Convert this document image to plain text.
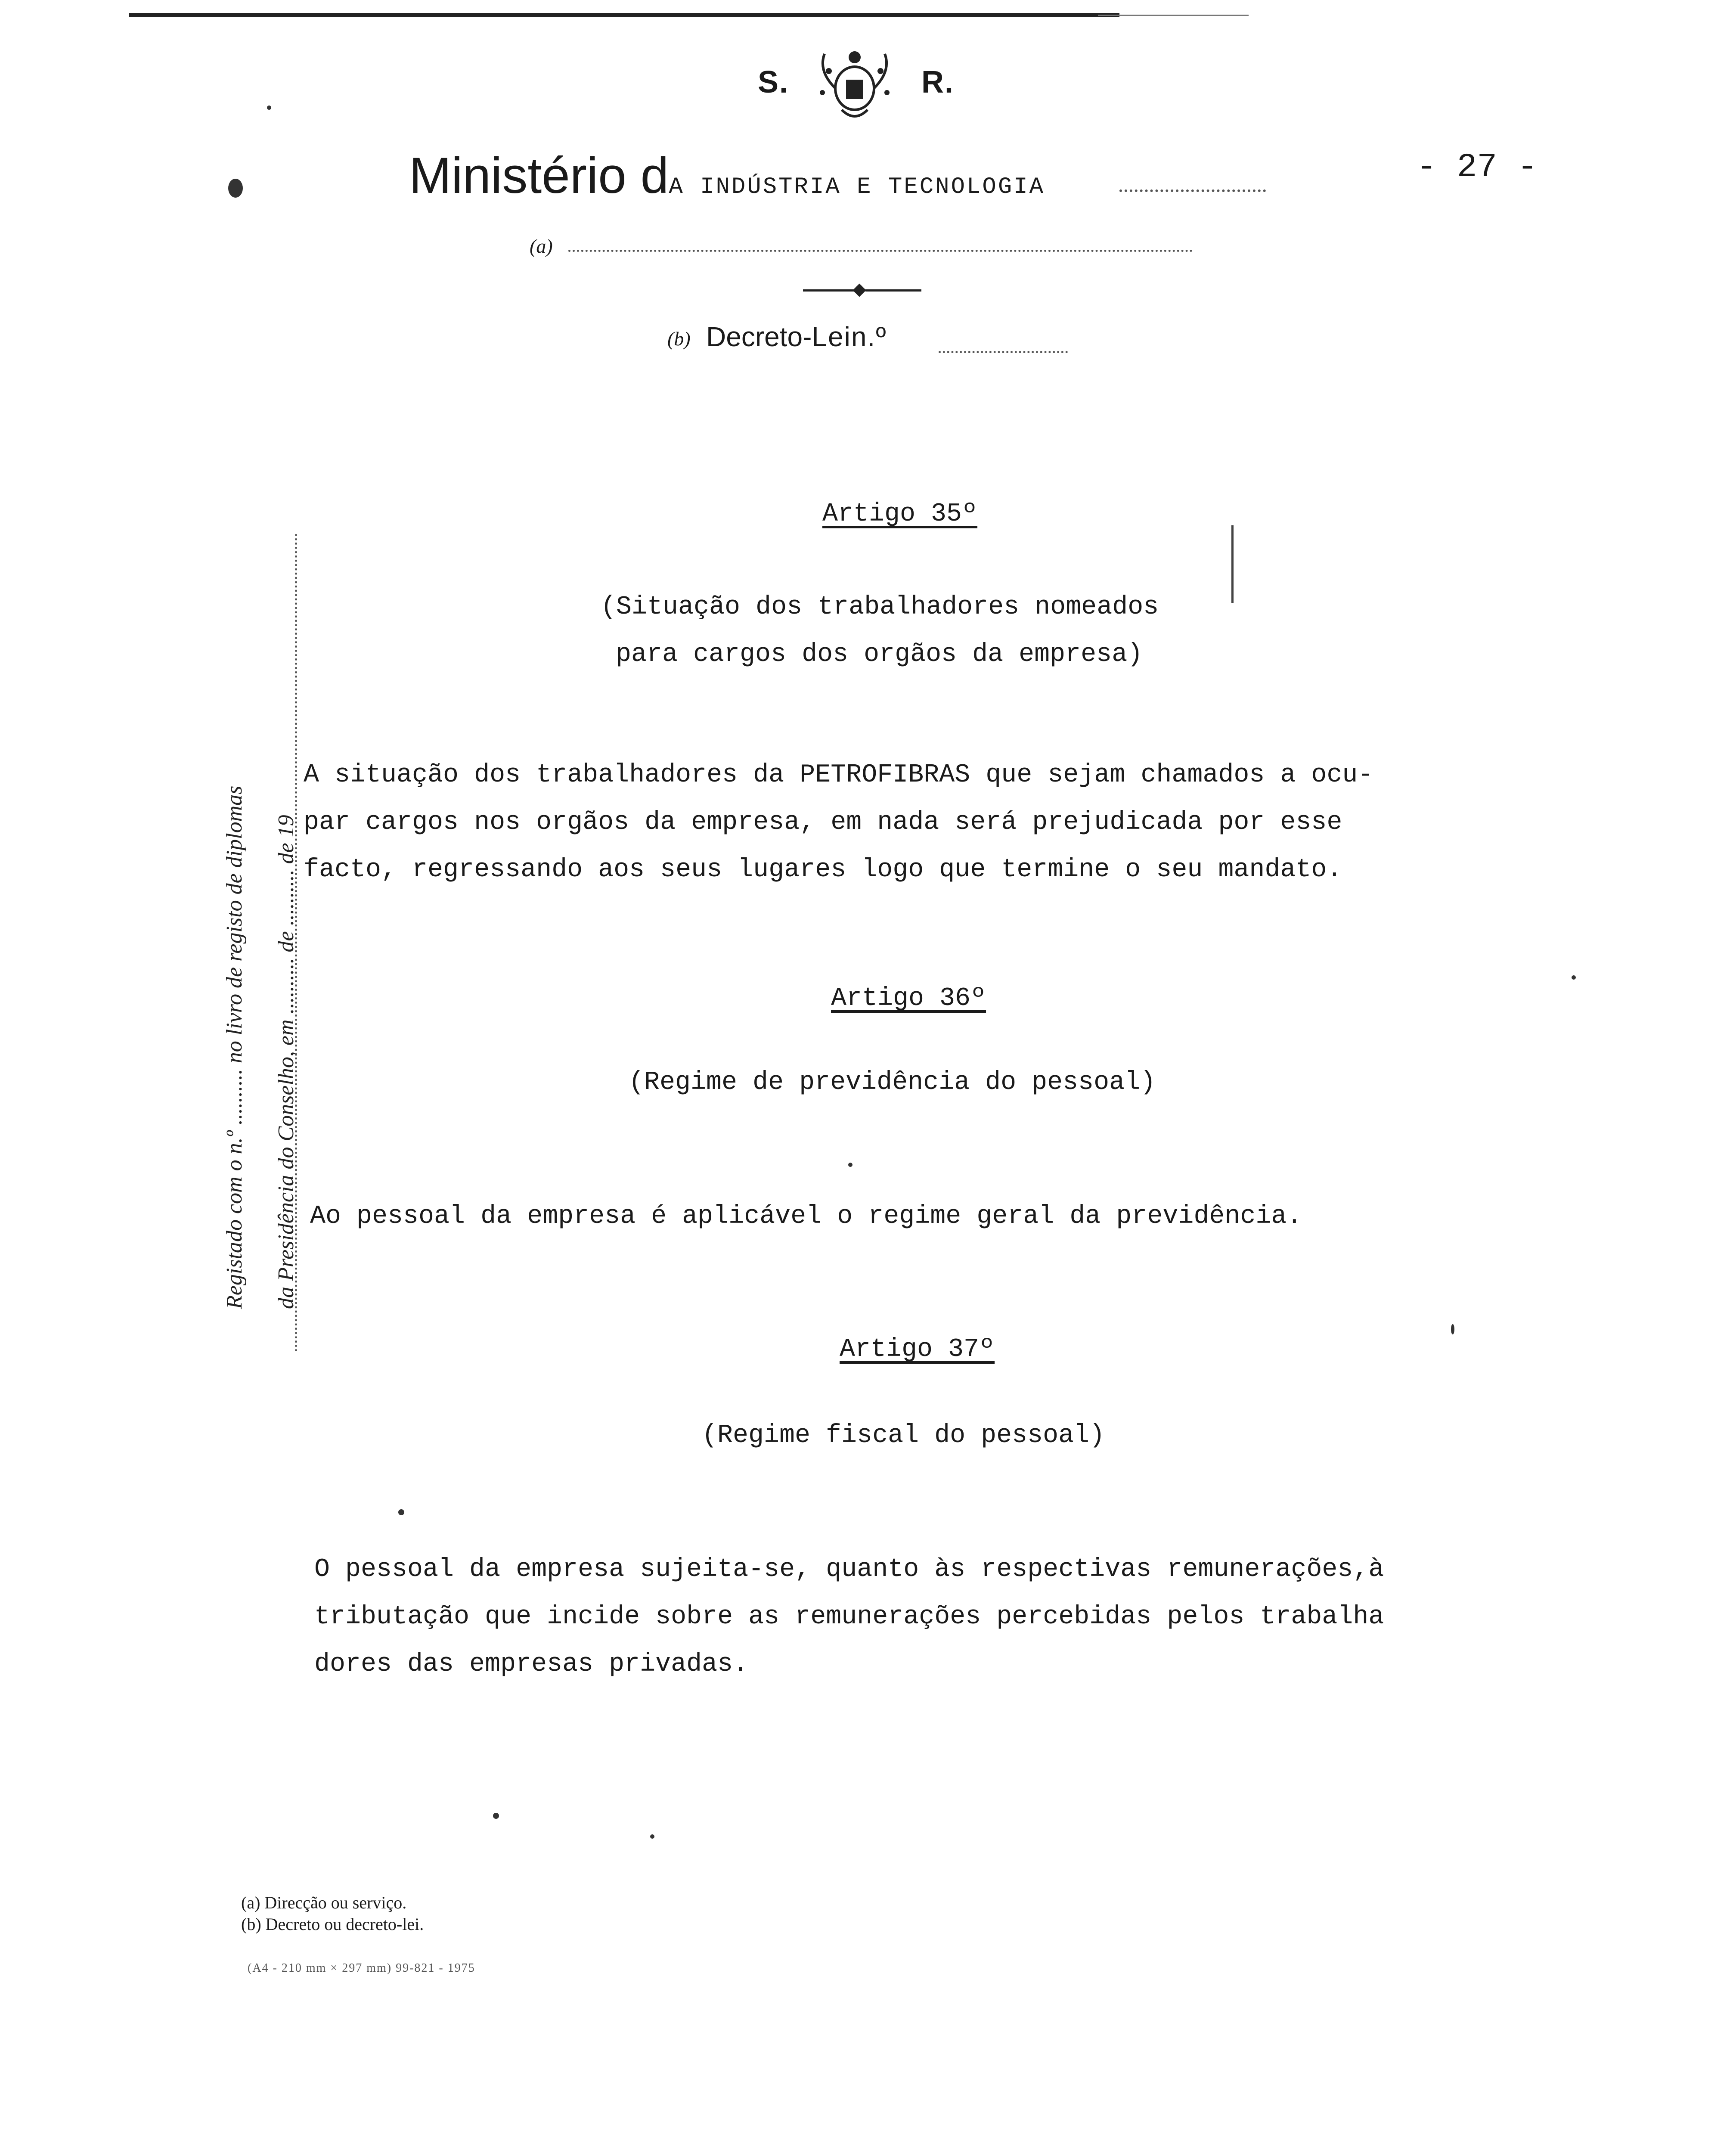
S.	R.
Ministério dA INDÚSTRIA E TECNOLOGIA
- 27 -
(a)
(b) Decreto-Lein.º
Registado com o n.º .......... no livro de registo de diplomas da Presidência do Conselho, em .......... de .......... de 19
Artigo 35º
(Situação dos trabalhadores nomeados
para cargos dos orgãos da empresa)
A situação dos trabalhadores da PETROFIBRAS que sejam chamados a ocu-
par cargos nos orgãos da empresa, em nada será prejudicada por esse
facto, regressando aos seus lugares logo que termine o seu mandato.
Artigo 36º
(Regime de previdência do pessoal)
Ao pessoal da empresa é aplicável o regime geral da previdência.
Artigo 37º
(Regime fiscal do pessoal)
O pessoal da empresa sujeita-se, quanto às respectivas remunerações,à
tributação que incide sobre as remunerações percebidas pelos trabalha
dores das empresas privadas.
(a) Direcção ou serviço.
(b) Decreto ou decreto-lei.
(A4 - 210 mm × 297 mm) 99-821 - 1975
